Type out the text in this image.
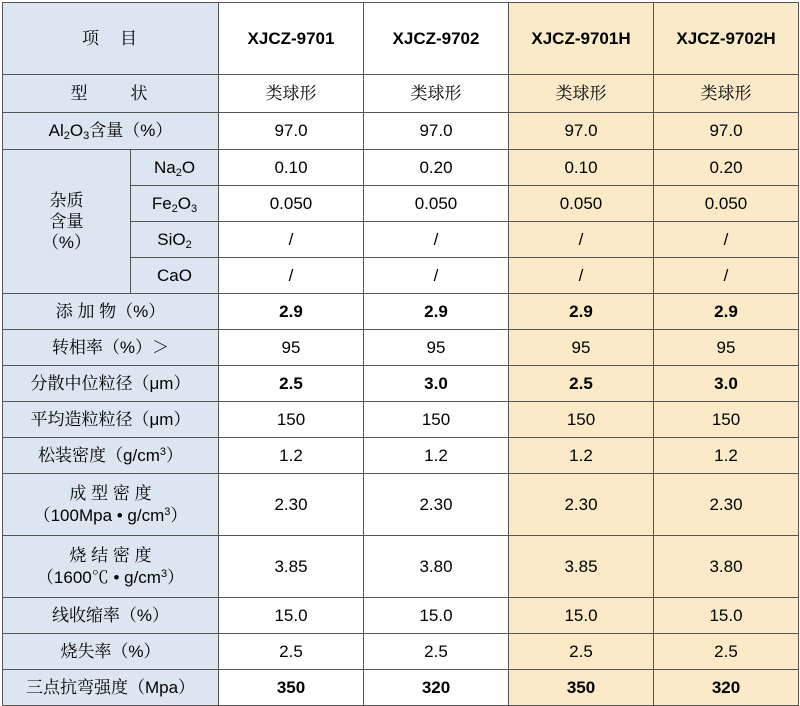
项　目		XJCZ-9701	XJCZ-9702	XJCZ-9701H	XJCZ-9702H
型　　状		类球形	类球形	类球形	类球形
$Al_2O_3$含量（%）		97.0	97.0	97.0	97.0

杂质
含量
（%）	$Na_2O$	0.10	0.20	0.10	0.20
	$Fe_2O_3$	0.050	0.050	0.050	0.050
	SiO$_2$	/	/	/	/
	CaO	/	/	/	/
添 加 物（%）		2.9	2.9	2.9	2.9
转相率（%）＞		95	95	95	95
分散中位粒径（μm）		2.5	3.0	2.5	3.0
平均造粒粒径（μm）		150	150	150	150
松装密度$(g/cm^3)$		1.2	1.2	1.2	1.2
成 型 密 度
（100Mpa • $g/cm^3$）		2.30	2.30	2.30	2.30
烧 结 密 度
（1600℃ • $g/cm^3$）		3.85	3.80	3.85	3.80
线收缩率（%）		15.0	15.0	15.0	15.0
烧失率（%）		2.5	2.5	2.5	2.5
三点抗弯强度（Mpa）		350	320	350	320
